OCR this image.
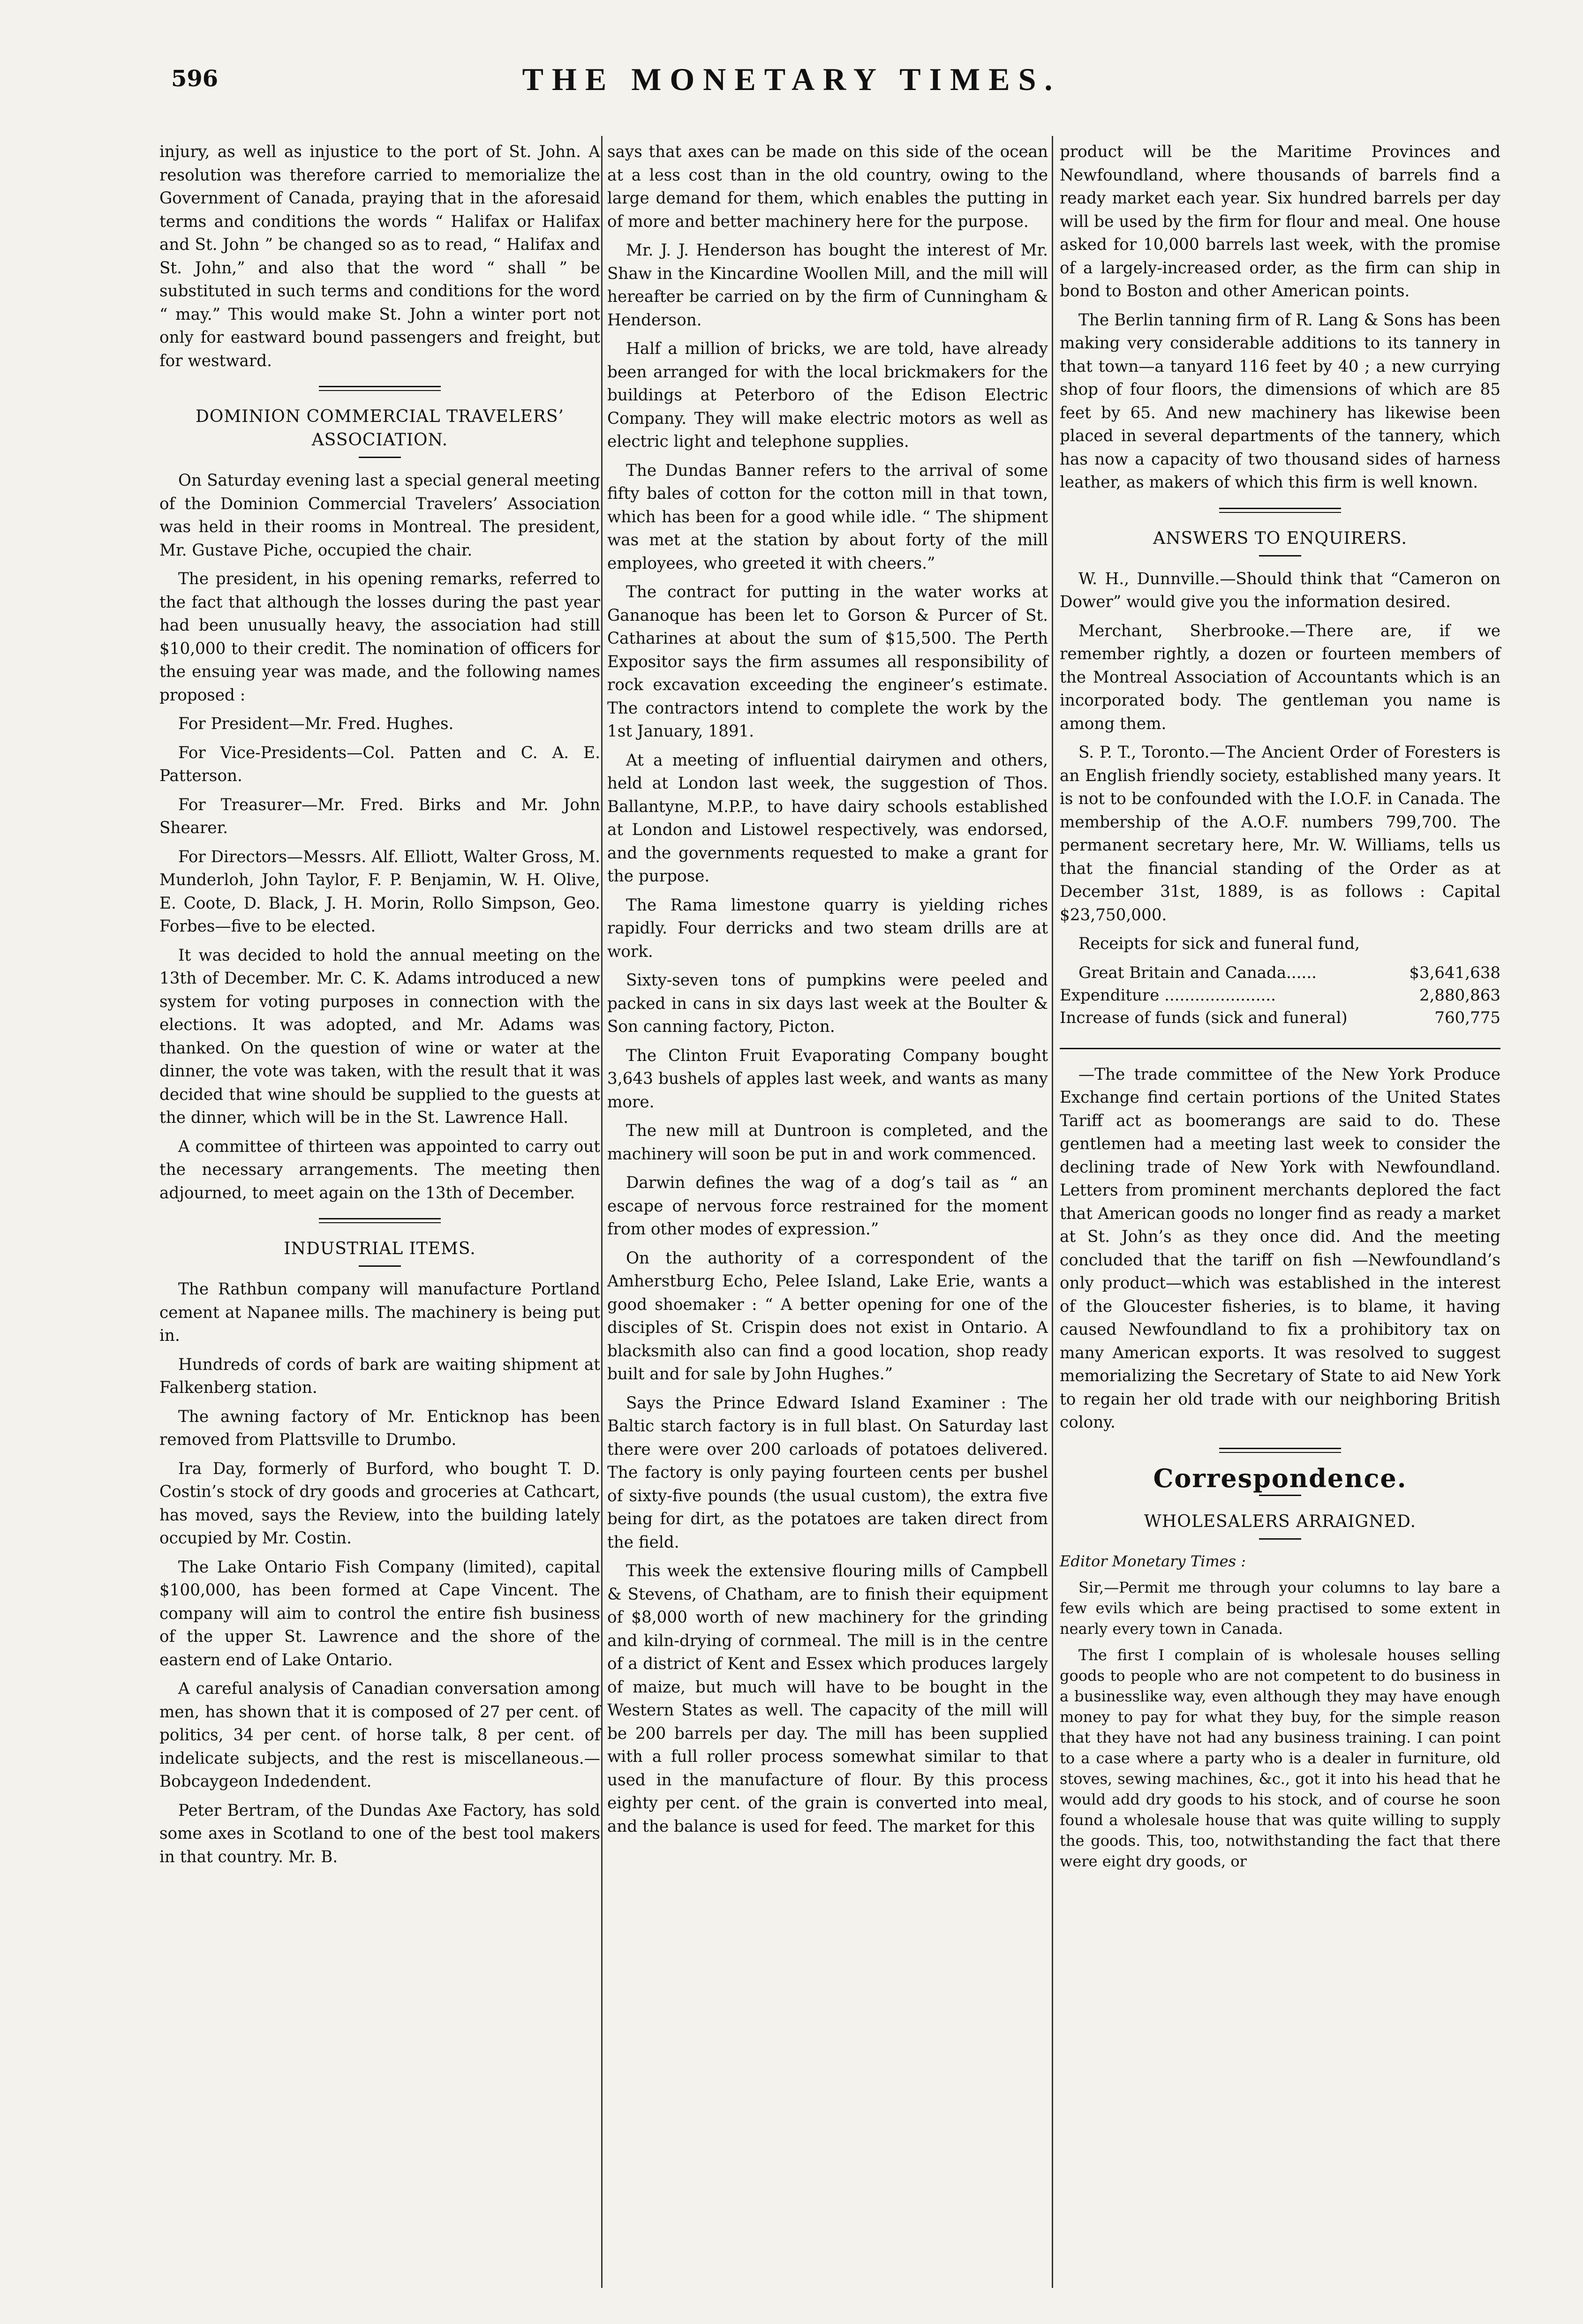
596	THE MONETARY TIMES.

injury, as well as injustice to the port of St. John. A resolution was therefore carried to memorialize the Government of Canada, praying that in the aforesaid terms and conditions the words “ Halifax or Halifax and St. John ” be changed so as to read, “ Halifax and St. John,” and also that the word “ shall ” be substituted in such terms and conditions for the word “ may.” This would make St. John a winter port not only for eastward bound passengers and freight, but for westward.

DOMINION COMMERCIAL TRAVELERS’ ASSOCIATION.

On Saturday evening last a special general meeting of the Dominion Commercial Travelers’ Association was held in their rooms in Montreal. The president, Mr. Gustave Piche, occupied the chair.

The president, in his opening remarks, referred to the fact that although the losses during the past year had been unusually heavy, the association had still $10,000 to their credit. The nomination of officers for the ensuing year was made, and the following names proposed :

For President—Mr. Fred. Hughes.

For Vice-Presidents—Col. Patten and C. A. E. Patterson.

For Treasurer—Mr. Fred. Birks and Mr. John Shearer.

For Directors—Messrs. Alf. Elliott, Walter Gross, M. Munderloh, John Taylor, F. P. Benjamin, W. H. Olive, E. Coote, D. Black, J. H. Morin, Rollo Simpson, Geo. Forbes—five to be elected.

It was decided to hold the annual meeting on the 13th of December. Mr. C. K. Adams introduced a new system for voting purposes in connection with the elections. It was adopted, and Mr. Adams was thanked. On the question of wine or water at the dinner, the vote was taken, with the result that it was decided that wine should be supplied to the guests at the dinner, which will be in the St. Lawrence Hall.

A committee of thirteen was appointed to carry out the necessary arrangements. The meeting then adjourned, to meet again on the 13th of December.

INDUSTRIAL ITEMS.

The Rathbun company will manufacture Portland cement at Napanee mills. The machinery is being put in.

Hundreds of cords of bark are waiting shipment at Falkenberg station.

The awning factory of Mr. Enticknop has been removed from Plattsville to Drumbo.

Ira Day, formerly of Burford, who bought T. D. Costin’s stock of dry goods and groceries at Cathcart, has moved, says the Review, into the building lately occupied by Mr. Costin.

The Lake Ontario Fish Company (limited), capital $100,000, has been formed at Cape Vincent. The company will aim to control the entire fish business of the upper St. Lawrence and the shore of the eastern end of Lake Ontario.

A careful analysis of Canadian conversation among men, has shown that it is composed of 27 per cent. of politics, 34 per cent. of horse talk, 8 per cent. of indelicate subjects, and the rest is miscellaneous.—Bobcaygeon Indedendent.

Peter Bertram, of the Dundas Axe Factory, has sold some axes in Scotland to one of the best tool makers in that country. Mr. B.

says that axes can be made on this side of the ocean at a less cost than in the old country, owing to the large demand for them, which enables the putting in of more and better machinery here for the purpose.

Mr. J. J. Henderson has bought the interest of Mr. Shaw in the Kincardine Woollen Mill, and the mill will hereafter be carried on by the firm of Cunningham & Henderson.

Half a million of bricks, we are told, have already been arranged for with the local brickmakers for the buildings at Peterboro of the Edison Electric Company. They will make electric motors as well as electric light and telephone supplies.

The Dundas Banner refers to the arrival of some fifty bales of cotton for the cotton mill in that town, which has been for a good while idle. “ The shipment was met at the station by about forty of the mill employees, who greeted it with cheers.”

The contract for putting in the water works at Gananoque has been let to Gorson & Purcer of St. Catharines at about the sum of $15,500. The Perth Expositor says the firm assumes all responsibility of rock excavation exceeding the engineer’s estimate. The contractors intend to complete the work by the 1st January, 1891.

At a meeting of influential dairymen and others, held at London last week, the suggestion of Thos. Ballantyne, M.P.P., to have dairy schools established at London and Listowel respectively, was endorsed, and the governments requested to make a grant for the purpose.

The Rama limestone quarry is yielding riches rapidly. Four derricks and two steam drills are at work.

Sixty-seven tons of pumpkins were peeled and packed in cans in six days last week at the Boulter & Son canning factory, Picton.

The Clinton Fruit Evaporating Company bought 3,643 bushels of apples last week, and wants as many more.

The new mill at Duntroon is completed, and the machinery will soon be put in and work commenced.

Darwin defines the wag of a dog’s tail as “ an escape of nervous force restrained for the moment from other modes of expression.”

On the authority of a correspondent of the Amherstburg Echo, Pelee Island, Lake Erie, wants a good shoemaker : “ A better opening for one of the disciples of St. Crispin does not exist in Ontario. A blacksmith also can find a good location, shop ready built and for sale by John Hughes.”

Says the Prince Edward Island Examiner : The Baltic starch factory is in full blast. On Saturday last there were over 200 carloads of potatoes delivered. The factory is only paying fourteen cents per bushel of sixty-five pounds (the usual custom), the extra five being for dirt, as the potatoes are taken direct from the field.

This week the extensive flouring mills of Campbell & Stevens, of Chatham, are to finish their equipment of $8,000 worth of new machinery for the grinding and kiln-drying of cornmeal. The mill is in the centre of a district of Kent and Essex which produces largely of maize, but much will have to be bought in the Western States as well. The capacity of the mill will be 200 barrels per day. The mill has been supplied with a full roller process somewhat similar to that used in the manufacture of flour. By this process eighty per cent. of the grain is converted into meal, and the balance is used for feed. The market for this

product will be the Maritime Provinces and Newfoundland, where thousands of barrels find a ready market each year. Six hundred barrels per day will be used by the firm for flour and meal. One house asked for 10,000 barrels last week, with the promise of a largely-increased order, as the firm can ship in bond to Boston and other American points.

The Berlin tanning firm of R. Lang & Sons has been making very considerable additions to its tannery in that town—a tanyard 116 feet by 40 ; a new currying shop of four floors, the dimensions of which are 85 feet by 65. And new machinery has likewise been placed in several departments of the tannery, which has now a capacity of two thousand sides of harness leather, as makers of which this firm is well known.

ANSWERS TO ENQUIRERS.

W. H., Dunnville.—Should think that “Cameron on Dower” would give you the information desired.

Merchant, Sherbrooke.—There are, if we remember rightly, a dozen or fourteen members of the Montreal Association of Accountants which is an incorporated body. The gentleman you name is among them.

S. P. T., Toronto.—The Ancient Order of Foresters is an English friendly society, established many years. It is not to be confounded with the I.O.F. in Canada. The membership of the A.O.F. numbers 799,700. The permanent secretary here, Mr. W. Williams, tells us that the financial standing of the Order as at December 31st, 1889, is as follows : Capital $23,750,000.

Receipts for sick and funeral fund,

Great Britain and Canada......	$3,641,638
Expenditure ......................	2,880,863
Increase of funds (sick and funeral)	760,775

—The trade committee of the New York Produce Exchange find certain portions of the United States Tariff act as boomerangs are said to do. These gentlemen had a meeting last week to consider the declining trade of New York with Newfoundland. Letters from prominent merchants deplored the fact that American goods no longer find as ready a market at St. John’s as they once did. And the meeting concluded that the tariff on fish —Newfoundland’s only product—which was established in the interest of the Gloucester fisheries, is to blame, it having caused Newfoundland to fix a prohibitory tax on many American exports. It was resolved to suggest memorializing the Secretary of State to aid New York to regain her old trade with our neighboring British colony.

Correspondence.
WHOLESALERS ARRAIGNED.

Editor Monetary Times :

Sir,—Permit me through your columns to lay bare a few evils which are being practised to some extent in nearly every town in Canada.

The first I complain of is wholesale houses selling goods to people who are not competent to do business in a businesslike way, even although they may have enough money to pay for what they buy, for the simple reason that they have not had any business training. I can point to a case where a party who is a dealer in furniture, old stoves, sewing machines, &c., got it into his head that he would add dry goods to his stock, and of course he soon found a wholesale house that was quite willing to supply the goods. This, too, notwithstanding the fact that there were eight dry goods, or
